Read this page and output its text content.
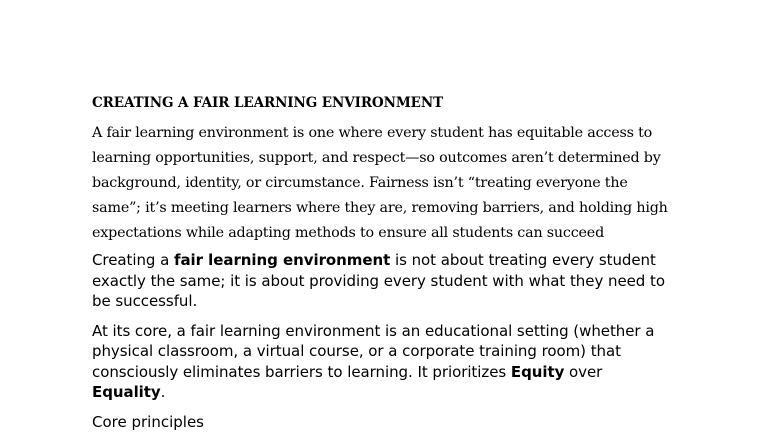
CREATING A FAIR LEARNING ENVIRONMENT
A fair learning environment is one where every student has equitable access to
learning opportunities, support, and respect—so outcomes aren’t determined by
background, identity, or circumstance. Fairness isn’t “treating everyone the
same”; it’s meeting learners where they are, removing barriers, and holding high
expectations while adapting methods to ensure all students can succeed
Creating a fair learning environment is not about treating every student
exactly the same; it is about providing every student with what they need to
be successful.
At its core, a fair learning environment is an educational setting (whether a
physical classroom, a virtual course, or a corporate training room) that
consciously eliminates barriers to learning. It prioritizes Equity over
Equality.
Core principles
